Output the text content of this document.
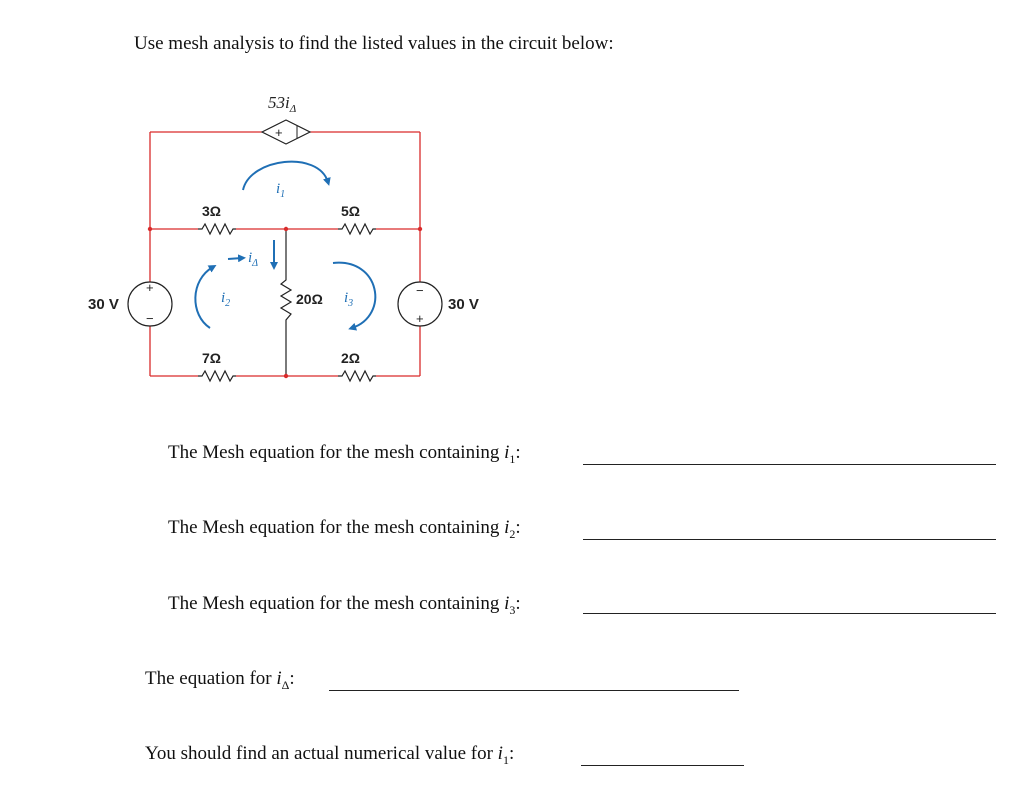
Use mesh analysis to find the listed values in the circuit below:
+
$53i_\Delta$
+
−
30 V
−
+
30 V
3Ω	5Ω
7Ω	2Ω
20Ω
$i_1$
$i_2$	$i_3$
$i_\Delta$
The Mesh equation for the mesh containing $i_1$:
The Mesh equation for the mesh containing $i_2$:
The Mesh equation for the mesh containing $i_3$:
The equation for $i_\Delta$:
You should find an actual numerical value for $i_1$:
